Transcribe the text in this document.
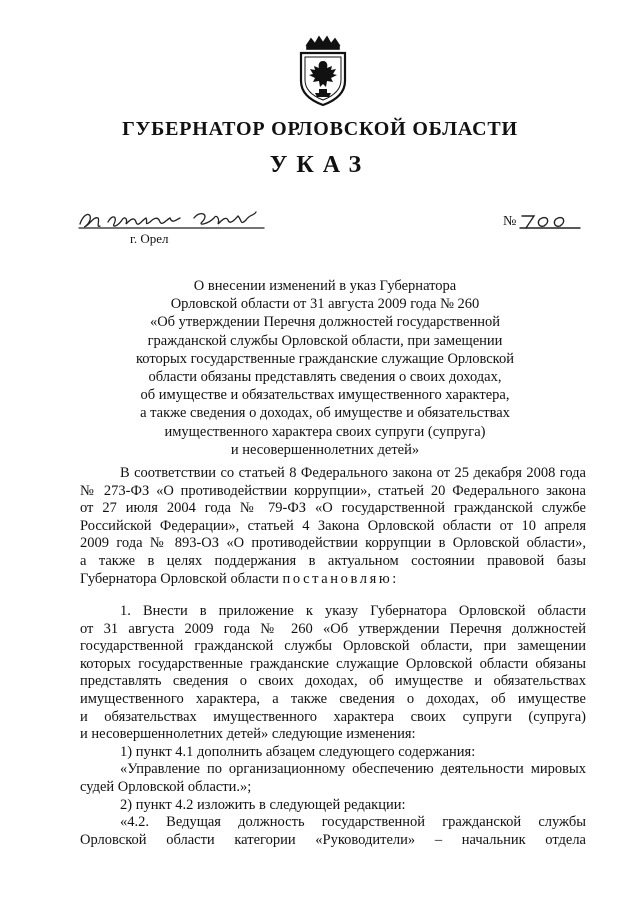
ГУБЕРНАТОР ОРЛОВСКОЙ ОБЛАСТИ
УКАЗ
г. Орел
№
О внесении изменений в указ Губернатора
Орловской области от 31 августа 2009 года № 260
«Об утверждении Перечня должностей государственной
гражданской службы Орловской области, при замещении
которых государственные гражданские служащие Орловской
области обязаны представлять сведения о своих доходах,
об имуществе и обязательствах имущественного характера,
а также сведения о доходах, об имуществе и обязательствах
имущественного характера своих супруги (супруга)
и несовершеннолетних детей»
В соответствии со статьей 8 Федерального закона от 25 декабря 2008 года
№ 273-ФЗ «О противодействии коррупции», статьей 20 Федерального закона
от 27 июля 2004 года № 79-ФЗ «О государственной гражданской службе
Российской Федерации», статьей 4 Закона Орловской области от 10 апреля
2009 года № 893-ОЗ «О противодействии коррупции в Орловской области»,
а также в целях поддержания в актуальном состоянии правовой базы
Губернатора Орловской области постановляю:
1. Внести в приложение к указу Губернатора Орловской области
от 31 августа 2009 года № 260 «Об утверждении Перечня должностей
государственной гражданской службы Орловской области, при замещении
которых государственные гражданские служащие Орловской области обязаны
представлять сведения о своих доходах, об имуществе и обязательствах
имущественного характера, а также сведения о доходах, об имуществе
и обязательствах имущественного характера своих супруги (супруга)
и несовершеннолетних детей» следующие изменения:
1) пункт 4.1 дополнить абзацем следующего содержания:
«Управление по организационному обеспечению деятельности мировых
судей Орловской области.»;
2) пункт 4.2 изложить в следующей редакции:
«4.2. Ведущая должность государственной гражданской службы
Орловской области категории «Руководители» – начальник отдела
